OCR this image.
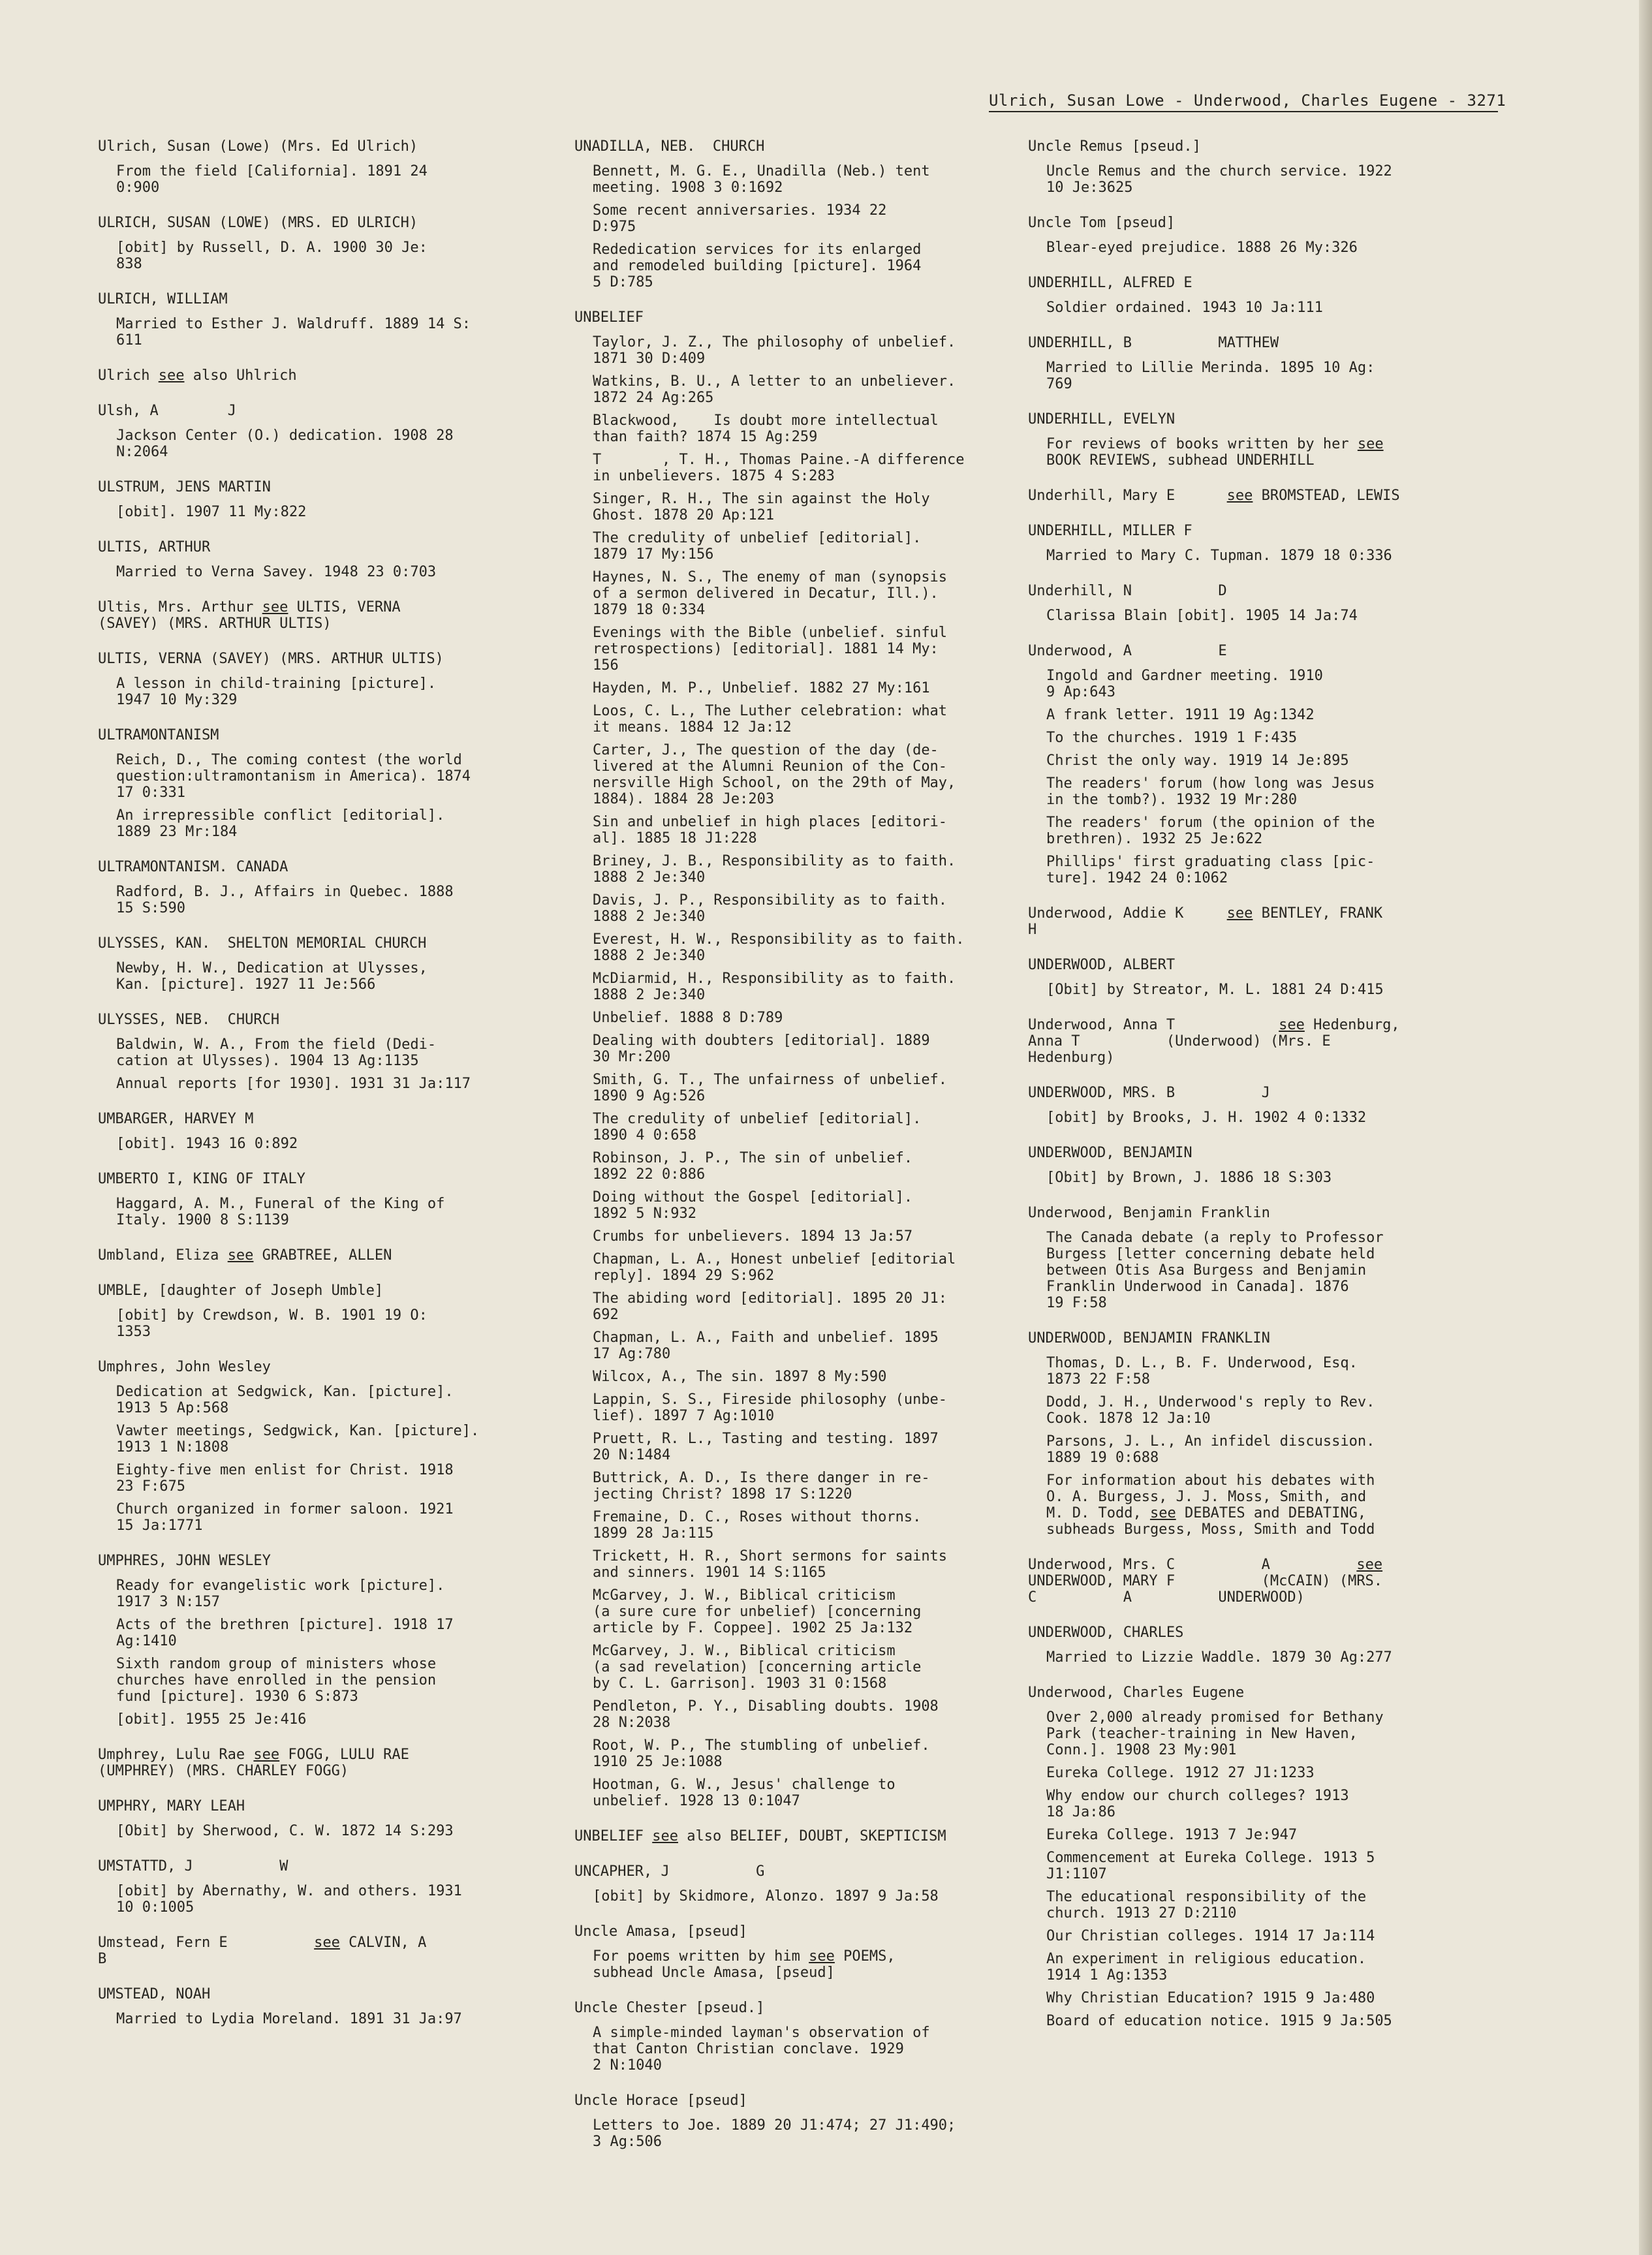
Ulrich, Susan Lowe - Underwood, Charles Eugene - 3271
Ulrich, Susan (Lowe) (Mrs. Ed Ulrich)
From the field [California]. 1891 24
0:900
ULRICH, SUSAN (LOWE) (MRS. ED ULRICH)
[obit] by Russell, D. A. 1900 30 Je:
838
ULRICH, WILLIAM
Married to Esther J. Waldruff. 1889 14 S:
611
Ulrich see also Uhlrich
Ulsh, A        J
Jackson Center (O.) dedication. 1908 28
N:2064
ULSTRUM, JENS MARTIN
[obit]. 1907 11 My:822
ULTIS, ARTHUR
Married to Verna Savey. 1948 23 0:703
Ultis, Mrs. Arthur see ULTIS, VERNA
(SAVEY) (MRS. ARTHUR ULTIS)
ULTIS, VERNA (SAVEY) (MRS. ARTHUR ULTIS)
A lesson in child-training [picture].
1947 10 My:329
ULTRAMONTANISM
Reich, D., The coming contest (the world
question:ultramontanism in America). 1874
17 0:331
An irrepressible conflict [editorial].
1889 23 Mr:184
ULTRAMONTANISM. CANADA
Radford, B. J., Affairs in Quebec. 1888
15 S:590
ULYSSES, KAN.  SHELTON MEMORIAL CHURCH
Newby, H. W., Dedication at Ulysses,
Kan. [picture]. 1927 11 Je:566
ULYSSES, NEB.  CHURCH
Baldwin, W. A., From the field (Dedi-
cation at Ulysses). 1904 13 Ag:1135
Annual reports [for 1930]. 1931 31 Ja:117
UMBARGER, HARVEY M
[obit]. 1943 16 0:892
UMBERTO I, KING OF ITALY
Haggard, A. M., Funeral of the King of
Italy. 1900 8 S:1139
Umbland, Eliza see GRABTREE, ALLEN
UMBLE, [daughter of Joseph Umble]
[obit] by Crewdson, W. B. 1901 19 O:
1353
Umphres, John Wesley
Dedication at Sedgwick, Kan. [picture].
1913 5 Ap:568
Vawter meetings, Sedgwick, Kan. [picture].
1913 1 N:1808
Eighty-five men enlist for Christ. 1918
23 F:675
Church organized in former saloon. 1921
15 Ja:1771
UMPHRES, JOHN WESLEY
Ready for evangelistic work [picture].
1917 3 N:157
Acts of the brethren [picture]. 1918 17
Ag:1410
Sixth random group of ministers whose
churches have enrolled in the pension
fund [picture]. 1930 6 S:873
[obit]. 1955 25 Je:416
Umphrey, Lulu Rae see FOGG, LULU RAE
(UMPHREY) (MRS. CHARLEY FOGG)
UMPHRY, MARY LEAH
[Obit] by Sherwood, C. W. 1872 14 S:293
UMSTATTD, J          W
[obit] by Abernathy, W. and others. 1931
10 0:1005
Umstead, Fern E          see CALVIN, A
B
UMSTEAD, NOAH
Married to Lydia Moreland. 1891 31 Ja:97
UNADILLA, NEB.  CHURCH
Bennett, M. G. E., Unadilla (Neb.) tent
meeting. 1908 3 0:1692
Some recent anniversaries. 1934 22
D:975
Rededication services for its enlarged
and remodeled building [picture]. 1964
5 D:785
UNBELIEF
Taylor, J. Z., The philosophy of unbelief.
1871 30 D:409
Watkins, B. U., A letter to an unbeliever.
1872 24 Ag:265
Blackwood,    Is doubt more intellectual
than faith? 1874 15 Ag:259
T       , T. H., Thomas Paine.-A difference
in unbelievers. 1875 4 S:283
Singer, R. H., The sin against the Holy
Ghost. 1878 20 Ap:121
The credulity of unbelief [editorial].
1879 17 My:156
Haynes, N. S., The enemy of man (synopsis
of a sermon delivered in Decatur, Ill.).
1879 18 0:334
Evenings with the Bible (unbelief. sinful
retrospections) [editorial]. 1881 14 My:
156
Hayden, M. P., Unbelief. 1882 27 My:161
Loos, C. L., The Luther celebration: what
it means. 1884 12 Ja:12
Carter, J., The question of the day (de-
livered at the Alumni Reunion of the Con-
nersville High School, on the 29th of May,
1884). 1884 28 Je:203
Sin and unbelief in high places [editori-
al]. 1885 18 J1:228
Briney, J. B., Responsibility as to faith.
1888 2 Je:340
Davis, J. P., Responsibility as to faith.
1888 2 Je:340
Everest, H. W., Responsibility as to faith.
1888 2 Je:340
McDiarmid, H., Responsibility as to faith.
1888 2 Je:340
Unbelief. 1888 8 D:789
Dealing with doubters [editorial]. 1889
30 Mr:200
Smith, G. T., The unfairness of unbelief.
1890 9 Ag:526
The credulity of unbelief [editorial].
1890 4 0:658
Robinson, J. P., The sin of unbelief.
1892 22 0:886
Doing without the Gospel [editorial].
1892 5 N:932
Crumbs for unbelievers. 1894 13 Ja:57
Chapman, L. A., Honest unbelief [editorial
reply]. 1894 29 S:962
The abiding word [editorial]. 1895 20 J1:
692
Chapman, L. A., Faith and unbelief. 1895
17 Ag:780
Wilcox, A., The sin. 1897 8 My:590
Lappin, S. S., Fireside philosophy (unbe-
lief). 1897 7 Ag:1010
Pruett, R. L., Tasting and testing. 1897
20 N:1484
Buttrick, A. D., Is there danger in re-
jecting Christ? 1898 17 S:1220
Fremaine, D. C., Roses without thorns.
1899 28 Ja:115
Trickett, H. R., Short sermons for saints
and sinners. 1901 14 S:1165
McGarvey, J. W., Biblical criticism
(a sure cure for unbelief) [concerning
article by F. Coppee]. 1902 25 Ja:132
McGarvey, J. W., Biblical criticism
(a sad revelation) [concerning article
by C. L. Garrison]. 1903 31 0:1568
Pendleton, P. Y., Disabling doubts. 1908
28 N:2038
Root, W. P., The stumbling of unbelief.
1910 25 Je:1088
Hootman, G. W., Jesus' challenge to
unbelief. 1928 13 0:1047
UNBELIEF see also BELIEF, DOUBT, SKEPTICISM
UNCAPHER, J          G
[obit] by Skidmore, Alonzo. 1897 9 Ja:58
Uncle Amasa, [pseud]
For poems written by him see POEMS,
subhead Uncle Amasa, [pseud]
Uncle Chester [pseud.]
A simple-minded layman's observation of
that Canton Christian conclave. 1929
2 N:1040
Uncle Horace [pseud]
Letters to Joe. 1889 20 J1:474; 27 J1:490;
3 Ag:506
Uncle Remus [pseud.]
Uncle Remus and the church service. 1922
10 Je:3625
Uncle Tom [pseud]
Blear-eyed prejudice. 1888 26 My:326
UNDERHILL, ALFRED E
Soldier ordained. 1943 10 Ja:111
UNDERHILL, B          MATTHEW
Married to Lillie Merinda. 1895 10 Ag:
769
UNDERHILL, EVELYN
For reviews of books written by her see
BOOK REVIEWS, subhead UNDERHILL
Underhill, Mary E      see BROMSTEAD, LEWIS
UNDERHILL, MILLER F
Married to Mary C. Tupman. 1879 18 0:336
Underhill, N          D
Clarissa Blain [obit]. 1905 14 Ja:74
Underwood, A          E
Ingold and Gardner meeting. 1910
9 Ap:643
A frank letter. 1911 19 Ag:1342
To the churches. 1919 1 F:435
Christ the only way. 1919 14 Je:895
The readers' forum (how long was Jesus
in the tomb?). 1932 19 Mr:280
The readers' forum (the opinion of the
brethren). 1932 25 Je:622
Phillips' first graduating class [pic-
ture]. 1942 24 0:1062
Underwood, Addie K     see BENTLEY, FRANK
H
UNDERWOOD, ALBERT
[Obit] by Streator, M. L. 1881 24 D:415
Underwood, Anna T            see Hedenburg,
Anna T          (Underwood) (Mrs. E
Hedenburg)
UNDERWOOD, MRS. B          J
[obit] by Brooks, J. H. 1902 4 0:1332
UNDERWOOD, BENJAMIN
[Obit] by Brown, J. 1886 18 S:303
Underwood, Benjamin Franklin
The Canada debate (a reply to Professor
Burgess [letter concerning debate held
between Otis Asa Burgess and Benjamin
Franklin Underwood in Canada]. 1876
19 F:58
UNDERWOOD, BENJAMIN FRANKLIN
Thomas, D. L., B. F. Underwood, Esq.
1873 22 F:58
Dodd, J. H., Underwood's reply to Rev.
Cook. 1878 12 Ja:10
Parsons, J. L., An infidel discussion.
1889 19 0:688
For information about his debates with
O. A. Burgess, J. J. Moss, Smith, and
M. D. Todd, see DEBATES and DEBATING,
subheads Burgess, Moss, Smith and Todd
Underwood, Mrs. C          A          see
UNDERWOOD, MARY F          (McCAIN) (MRS.
C          A          UNDERWOOD)
UNDERWOOD, CHARLES
Married to Lizzie Waddle. 1879 30 Ag:277
Underwood, Charles Eugene
Over 2,000 already promised for Bethany
Park (teacher-training in New Haven,
Conn.]. 1908 23 My:901
Eureka College. 1912 27 J1:1233
Why endow our church colleges? 1913
18 Ja:86
Eureka College. 1913 7 Je:947
Commencement at Eureka College. 1913 5
J1:1107
The educational responsibility of the
church. 1913 27 D:2110
Our Christian colleges. 1914 17 Ja:114
An experiment in religious education.
1914 1 Ag:1353
Why Christian Education? 1915 9 Ja:480
Board of education notice. 1915 9 Ja:505
